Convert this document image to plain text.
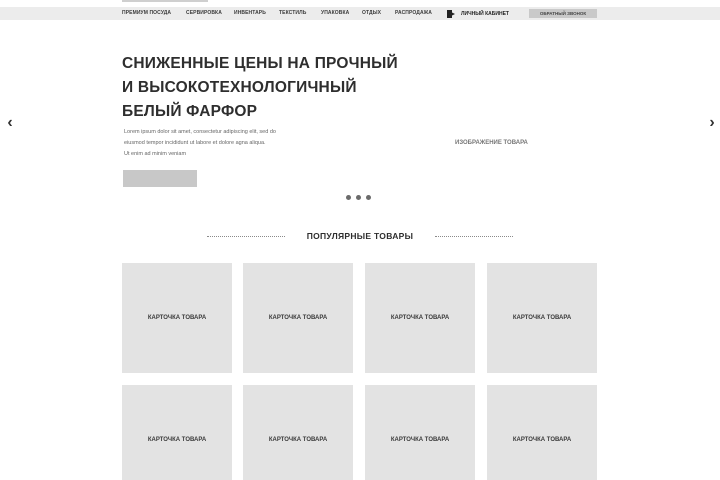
ПРЕМИУМ ПОСУДА	СЕРВИРОВКА ИНВЕНТАРЬ	ТЕКСТИЛЬ	УПАКОВКА	ОТДЫХ	РАСПРОДАЖА	ЛИЧНЫЙ КАБИНЕТ	ОБРАТНЫЙ ЗВОНОК
‹	›
СНИЖЕННЫЕ ЦЕНЫ НА ПРОЧНЫЙ
И ВЫСОКОТЕХНОЛОГИЧНЫЙ
БЕЛЫЙ ФАРФОР

Lorem ipsum dolor sit amet, consectetur adipiscing elit, sed do
eiusmod tempor incididunt ut labore et dolore agna aliqua.
Ut enim ad minim veniam

ИЗОБРАЖЕНИЕ ТОВАРА
ПОПУЛЯРНЫЕ ТОВАРЫ
КАРТОЧКА ТОВАРА	КАРТОЧКА ТОВАРА	КАРТОЧКА ТОВАРА	КАРТОЧКА ТОВАРА
КАРТОЧКА ТОВАРА	КАРТОЧКА ТОВАРА	КАРТОЧКА ТОВАРА	КАРТОЧКА ТОВАРА
